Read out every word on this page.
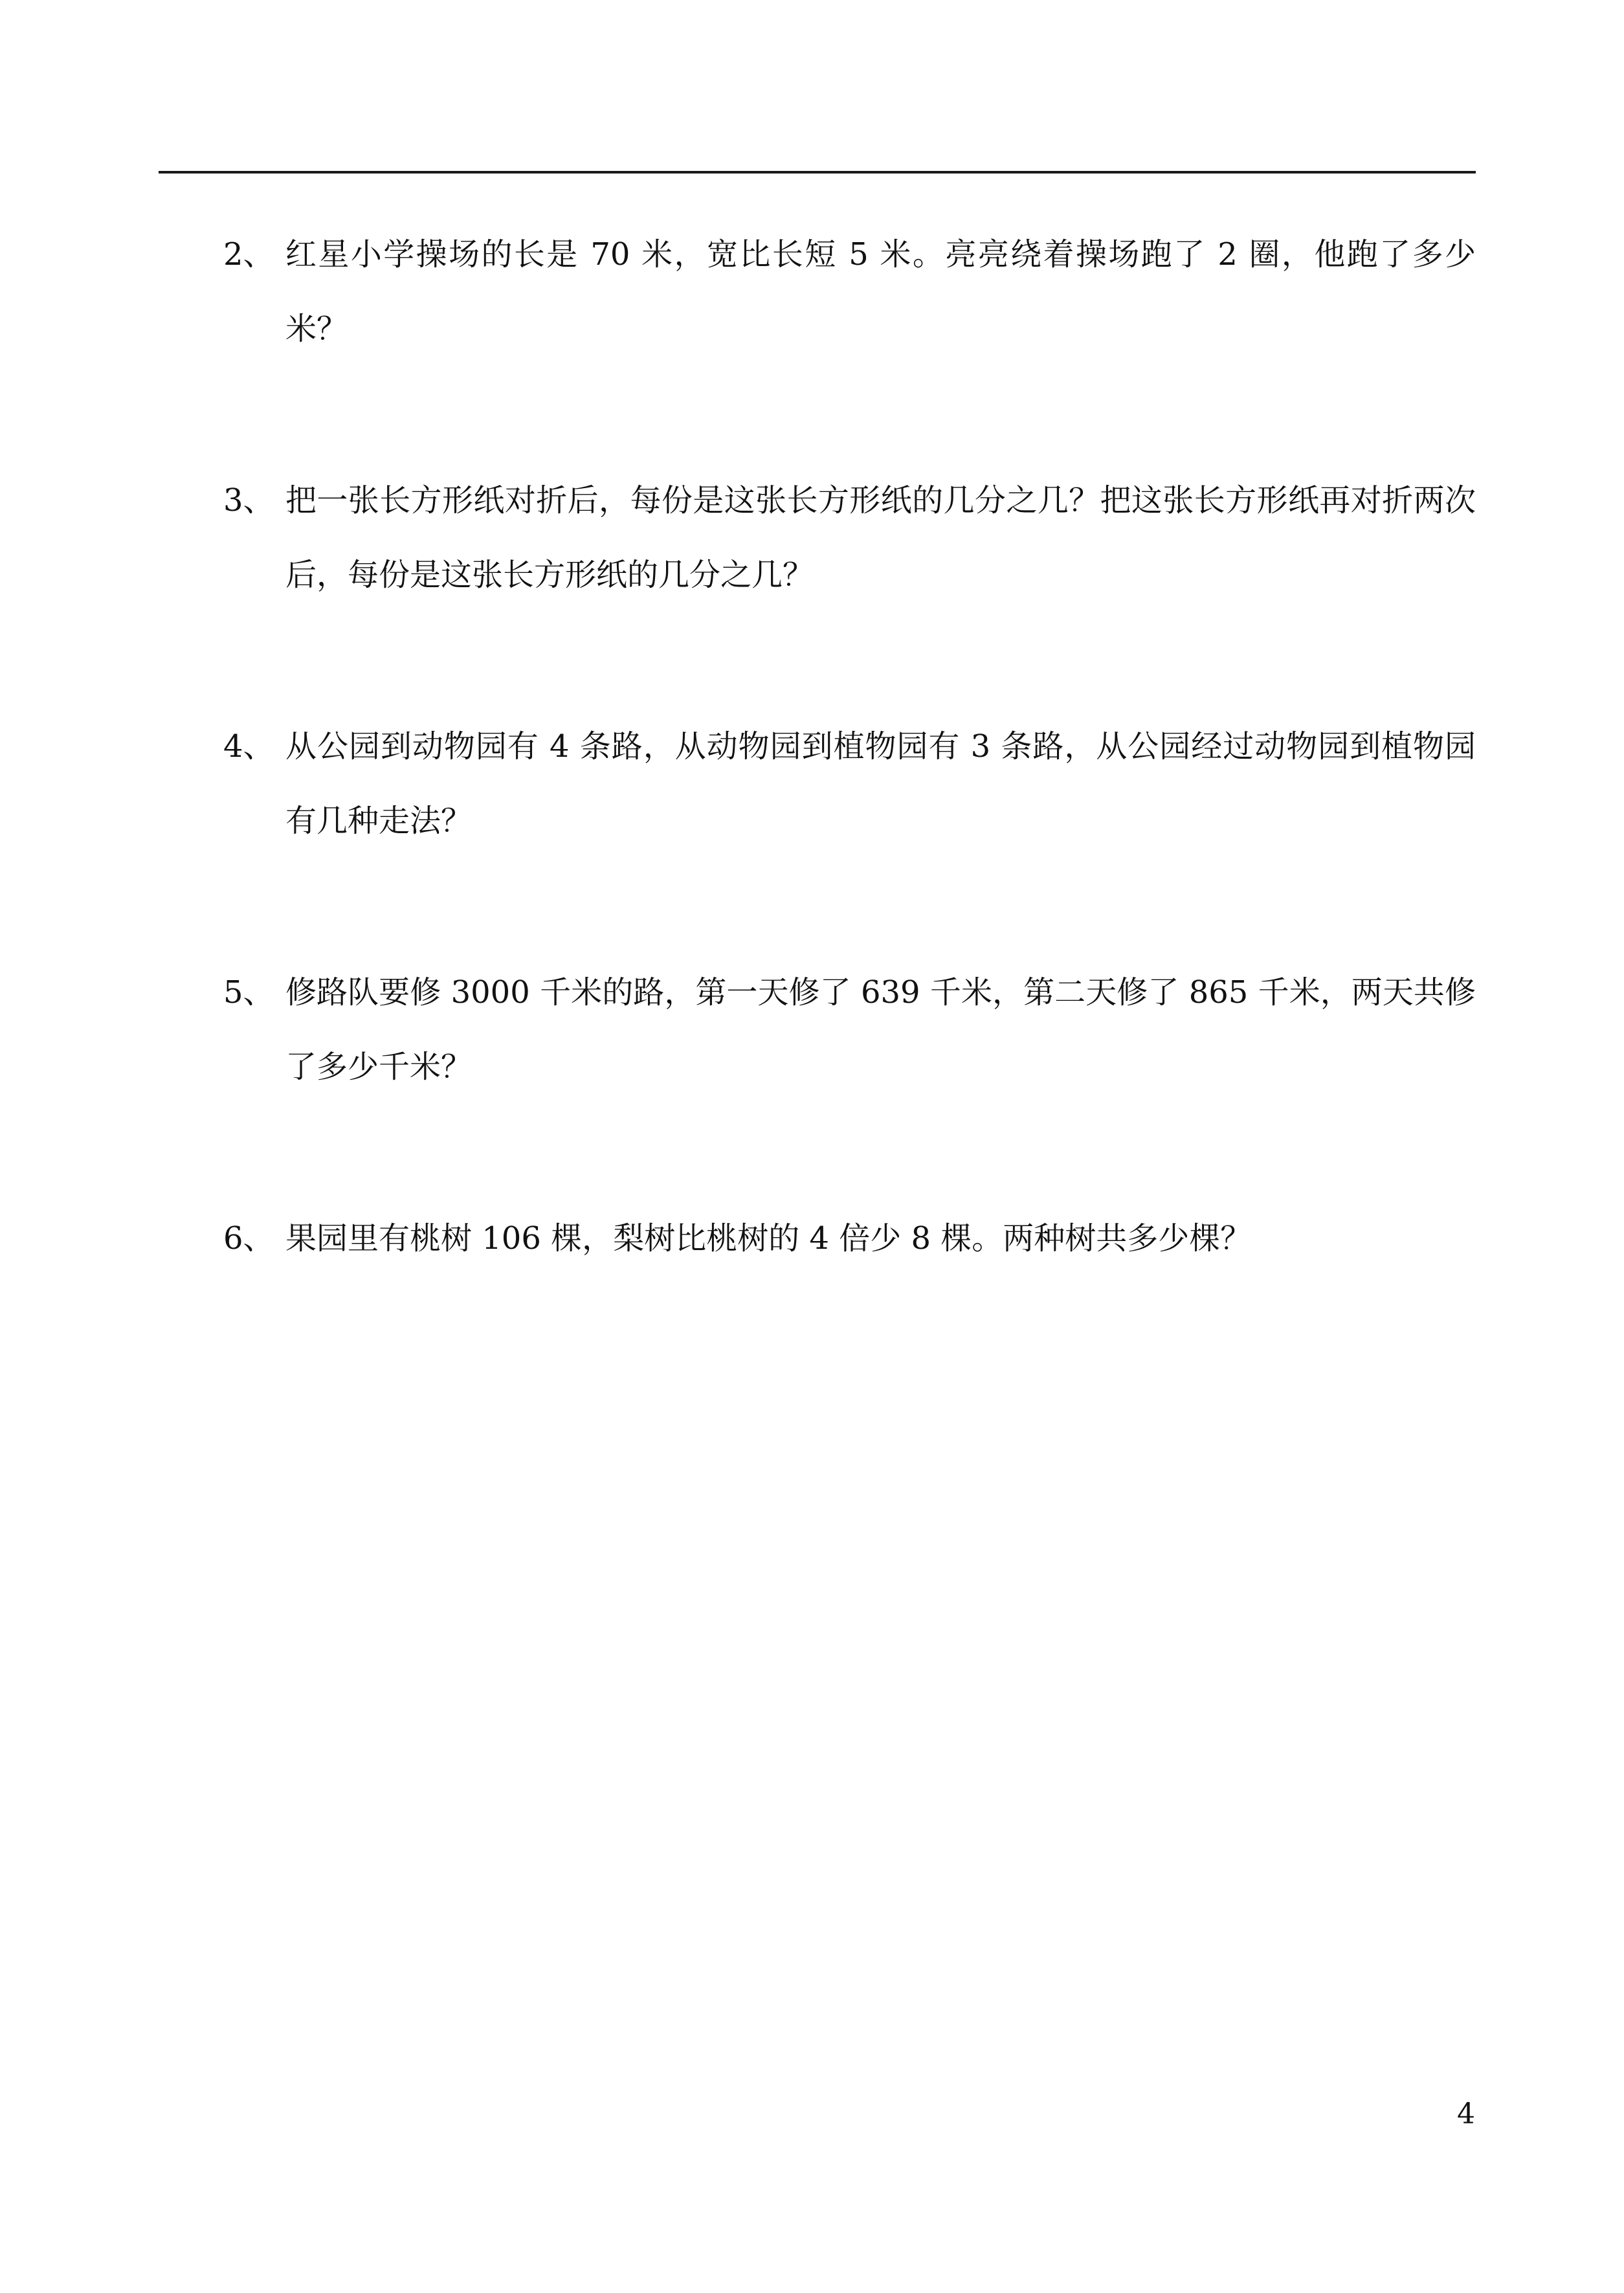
2、 红星小学操场的长是 70 米，宽比长短 5 米。亮亮绕着操场跑了 2 圈，他跑了多少米？
3、 把一张长方形纸对折后，每份是这张长方形纸的几分之几？把这张长方形纸再对折两次后，每份是这张长方形纸的几分之几？
4、 从公园到动物园有 4 条路，从动物园到植物园有 3 条路，从公园经过动物园到植物园有几种走法？
5、 修路队要修 3000 千米的路，第一天修了 639 千米，第二天修了 865 千米，两天共修了多少千米？
6、 果园里有桃树 106 棵，梨树比桃树的 4 倍少 8 棵。两种树共多少棵？
4
